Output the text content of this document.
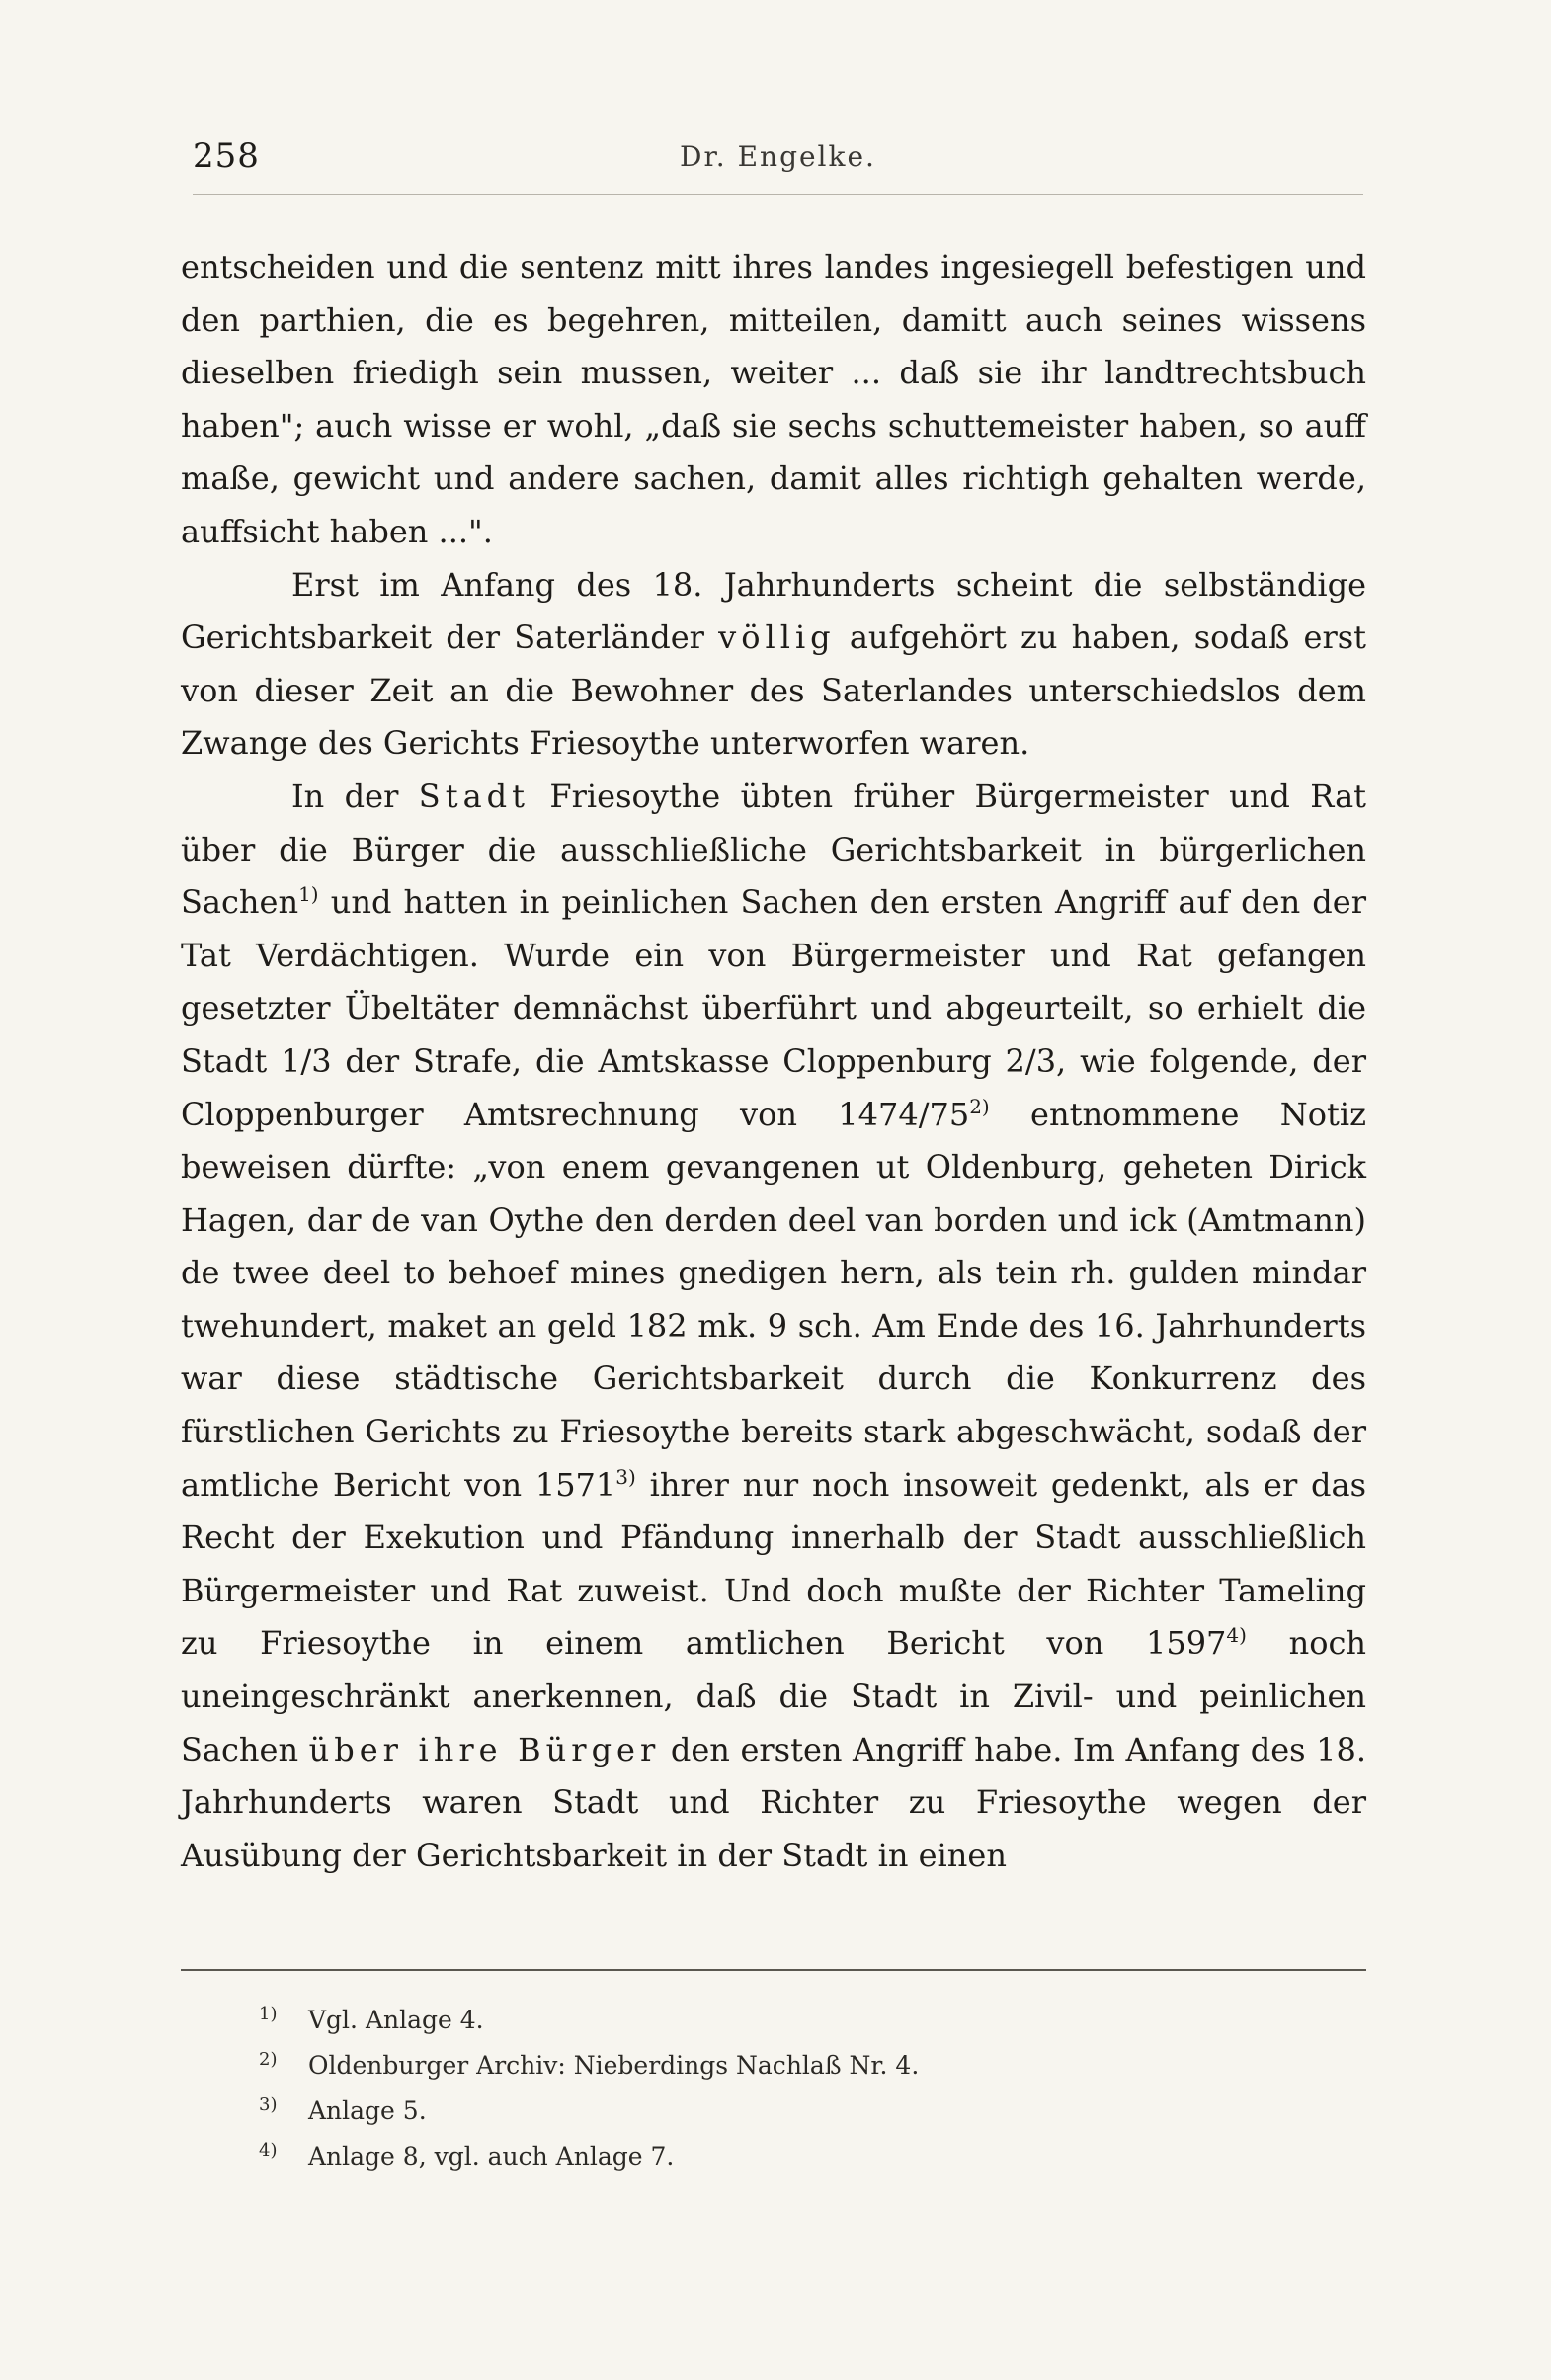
258	Dr. Engelke.

entscheiden und die sentenz mitt ihres landes ingesiegell befestigen und den parthien, die es begehren, mitteilen, damitt auch seines wissens dieselben friedigh sein mussen, weiter ... daß sie ihr landtrechtsbuch haben"; auch wisse er wohl, „daß sie sechs schuttemeister haben, so auff maße, gewicht und andere sachen, damit alles richtigh gehalten werde, auffsicht haben ...".

Erst im Anfang des 18. Jahrhunderts scheint die selbständige Gerichtsbarkeit der Saterländer völlig aufgehört zu haben, sodaß erst von dieser Zeit an die Bewohner des Saterlandes unterschiedslos dem Zwange des Gerichts Friesoythe unterworfen waren.

In der Stadt Friesoythe übten früher Bürgermeister und Rat über die Bürger die ausschließliche Gerichtsbarkeit in bürgerlichen Sachen$^{1)}$ und hatten in peinlichen Sachen den ersten Angriff auf den der Tat Verdächtigen. Wurde ein von Bürgermeister und Rat gefangen gesetzter Übeltäter demnächst überführt und abgeurteilt, so erhielt die Stadt 1/3 der Strafe, die Amtskasse Cloppenburg 2/3, wie folgende, der Cloppenburger Amtsrechnung von 1474/75$^{2)}$ entnommene Notiz beweisen dürfte: „von enem gevangenen ut Oldenburg, geheten Dirick Hagen, dar de van Oythe den derden deel van borden und ick (Amtmann) de twee deel to behoef mines gnedigen hern, als tein rh. gulden mindar twehundert, maket an geld 182 mk. 9 sch. Am Ende des 16. Jahrhunderts war diese städtische Gerichtsbarkeit durch die Konkurrenz des fürstlichen Gerichts zu Friesoythe bereits stark abgeschwächt, sodaß der amtliche Bericht von 1571$^{3)}$ ihrer nur noch insoweit gedenkt, als er das Recht der Exekution und Pfändung innerhalb der Stadt ausschließlich Bürgermeister und Rat zuweist. Und doch mußte der Richter Tameling zu Friesoythe in einem amtlichen Bericht von 1597$^{4)}$ noch uneingeschränkt anerkennen, daß die Stadt in Zivil- und peinlichen Sachen über ihre Bürger den ersten Angriff habe. Im Anfang des 18. Jahrhunderts waren Stadt und Richter zu Friesoythe wegen der Ausübung der Gerichtsbarkeit in der Stadt in einen

1) Vgl. Anlage 4.
2) Oldenburger Archiv: Nieberdings Nachlaß Nr. 4.
3) Anlage 5.
4) Anlage 8, vgl. auch Anlage 7.
